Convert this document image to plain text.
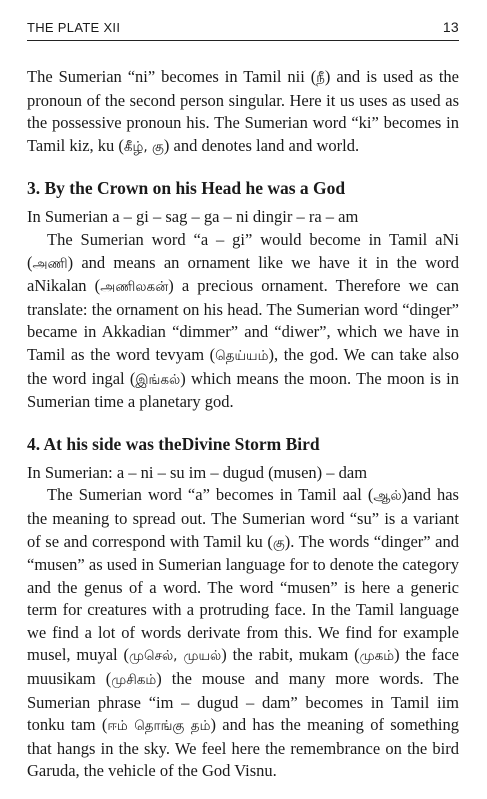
THE PLATE XII	13

The Sumerian “ni” becomes in Tamil nii (நீ) and is used as the pronoun of the second person singular. Here it us uses as used as the possessive pronoun his. The Sumerian word “ki” becomes in Tamil kiz, ku (கீழ், கு) and denotes land and world.

3. By the Crown on his Head he was a God

In Sumerian a – gi – sag – ga – ni dingir – ra – am

The Sumerian word “a – gi” would become in Tamil aNi (அணி) and means an ornament like we have it in the word aNikalan (அணிலகன்) a precious ornament. Therefore we can translate: the ornament on his head. The Sumerian word “dinger” became in Akkadian “dimmer” and “diwer”, which we have in Tamil as the word tevyam (தெய்யம்), the god. We can take also the word ingal (இங்கல்) which means the moon. The moon is in Sumerian time a planetary god.

4. At his side was theDivine Storm Bird

In Sumerian: a – ni – su im – dugud (musen) – dam

The Sumerian word “a” becomes in Tamil aal (ஆல்)and has the meaning to spread out. The Sumerian word “su” is a variant of se and correspond with Tamil ku (கு). The words “dinger” and “musen” as used in Sumerian language for to denote the category and the genus of a word. The word “musen” is here a generic term for creatures with a protruding face. In the Tamil language we find a lot of words derivate from this. We find for example musel, muyal (முசெல், முயல்) the rabit, mukam (முகம்) the face muusikam (முசிகம்) the mouse and many more words. The Sumerian phrase “im – dugud – dam” becomes in Tamil iim tonku tam (ஈம் தொங்கு தம்) and has the meaning of something that hangs in the sky. We feel here the remembrance on the bird Garuda, the vehicle of the God Visnu.
